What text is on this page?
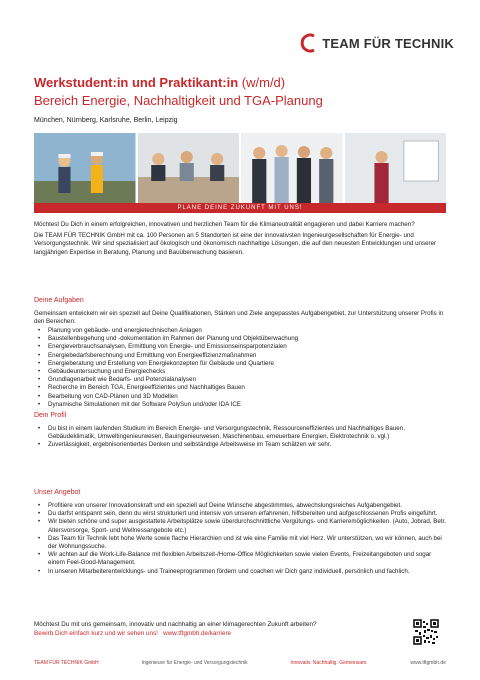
TEAM FÜR TECHNIK
Werkstudent:in und Praktikant:in (w/m/d)
Bereich Energie, Nachhaltigkeit und TGA-Planung
München, Nürnberg, Karlsruhe, Berlin, Leipzig
PLANE DEINE ZUKUNFT MIT UNS!

Möchtest Du Dich in einem erfolgreichen, innovativen und herzlichen Team für die Klimaneutralität engagieren und dabei Karriere machen?

Die TEAM FÜR TECHNIK GmbH mit ca. 100 Personen an 5 Standorten ist eine der innovativsten Ingenieurgesellschaften für Energie- und Versorgungstechnik. Wir sind spezialisiert auf ökologisch und ökonomisch nachhaltige Lösungen, die auf den neuesten Entwicklungen und unserer langjährigen Expertise in Beratung, Planung und Bauüberwachung basieren.

Deine Aufgaben
Gemeinsam entwickeln wir ein speziell auf Deine Qualifikationen, Stärken und Ziele angepasstes Aufgabengebiet, zur Unterstützung unserer Profis in den Bereichen:
• Planung von gebäude- und energietechnischen Anlagen
• Baustellenbegehung und -dokumentation im Rahmen der Planung und Objektüberwachung
• Energieverbrauchsanalysen, Ermittlung von Energie- und Emissionseinsparpotenzialen
• Energiebedarfsberechnung und Ermittlung von Energieeffizienzmaßnahmen
• Energieberatung und Erstellung von Energiekonzepten für Gebäude und Quartiere
• Gebäudeuntersuchung und Energiechecks
• Grundlagenarbeit wie Bedarfs- und Potenzialanalysen
• Recherche im Bereich TGA, Energieeffizientes und Nachhaltiges Bauen
• Bearbeitung von CAD-Plänen und 3D Modellen
• Dynamische Simulationen mit der Software PolySun und/oder IDA ICE
Dein Profil
• Du bist in einem laufenden Studium im Bereich Energie- und Versorgungstechnik, Ressourceneffizientes und Nachhaltiges Bauen, Gebäudeklimatik, Umweltingenieurwesen, Bauingenieurwesen, Maschinenbau, erneuerbare Energien, Elektrotechnik o. vgl.)
• Zuverlässigkeit, ergebnisorientiertes Denken und selbständige Arbeitsweise im Team schätzen wir sehr.
Unser Angebot
• Profitiere von unserer Innovationskraft und ein speziell auf Deine Wünsche abgestimmtes, abwechslungsreiches Aufgabengebiet.
• Du darfst entspannt sein, denn du wirst strukturiert und intensiv von unseren erfahrenen, hilfsbereiten und aufgeschlossenen Profis eingeführt.
• Wir bieten schöne und super ausgestattete Arbeitsplätze sowie überdurchschnittliche Vergütungs- und Karrieremöglichkeiten. (Auto, Jobrad, Betr. Altersvorsorge, Sport- und Wellnessangebote etc.)
• Das Team für Technik lebt hohe Werte sowie flache Hierarchien und ist wie eine Familie mit viel Herz. Wir unterstützen, wo wir können, auch bei der Wohnungssuche.
• Wir achten auf die Work-Life-Balance mit flexiblen Arbeitszeit-/Home-Office Möglichkeiten sowie vielen Events, Freizeitangeboten und sogar einem Feel-Good-Management.
• In unseren Mitarbeiterentwicklungs- und Traineeprogrammen fördern und coachen wir Dich ganz individuell, persönlich und fachlich.
Möchtest Du mit uns gemeinsam, innovativ und nachhaltig an einer klimagerechten Zukunft arbeiten?
Bewirb Dich einfach kurz und wir sehen uns! www.tftgmbh.de/karriere
TEAM FÜR TECHNIK GmbH	Ingenieure für Energie- und Versorgungstechnik	Innovativ. Nachhaltig. Gemeinsam.	www.tftgmbh.de
